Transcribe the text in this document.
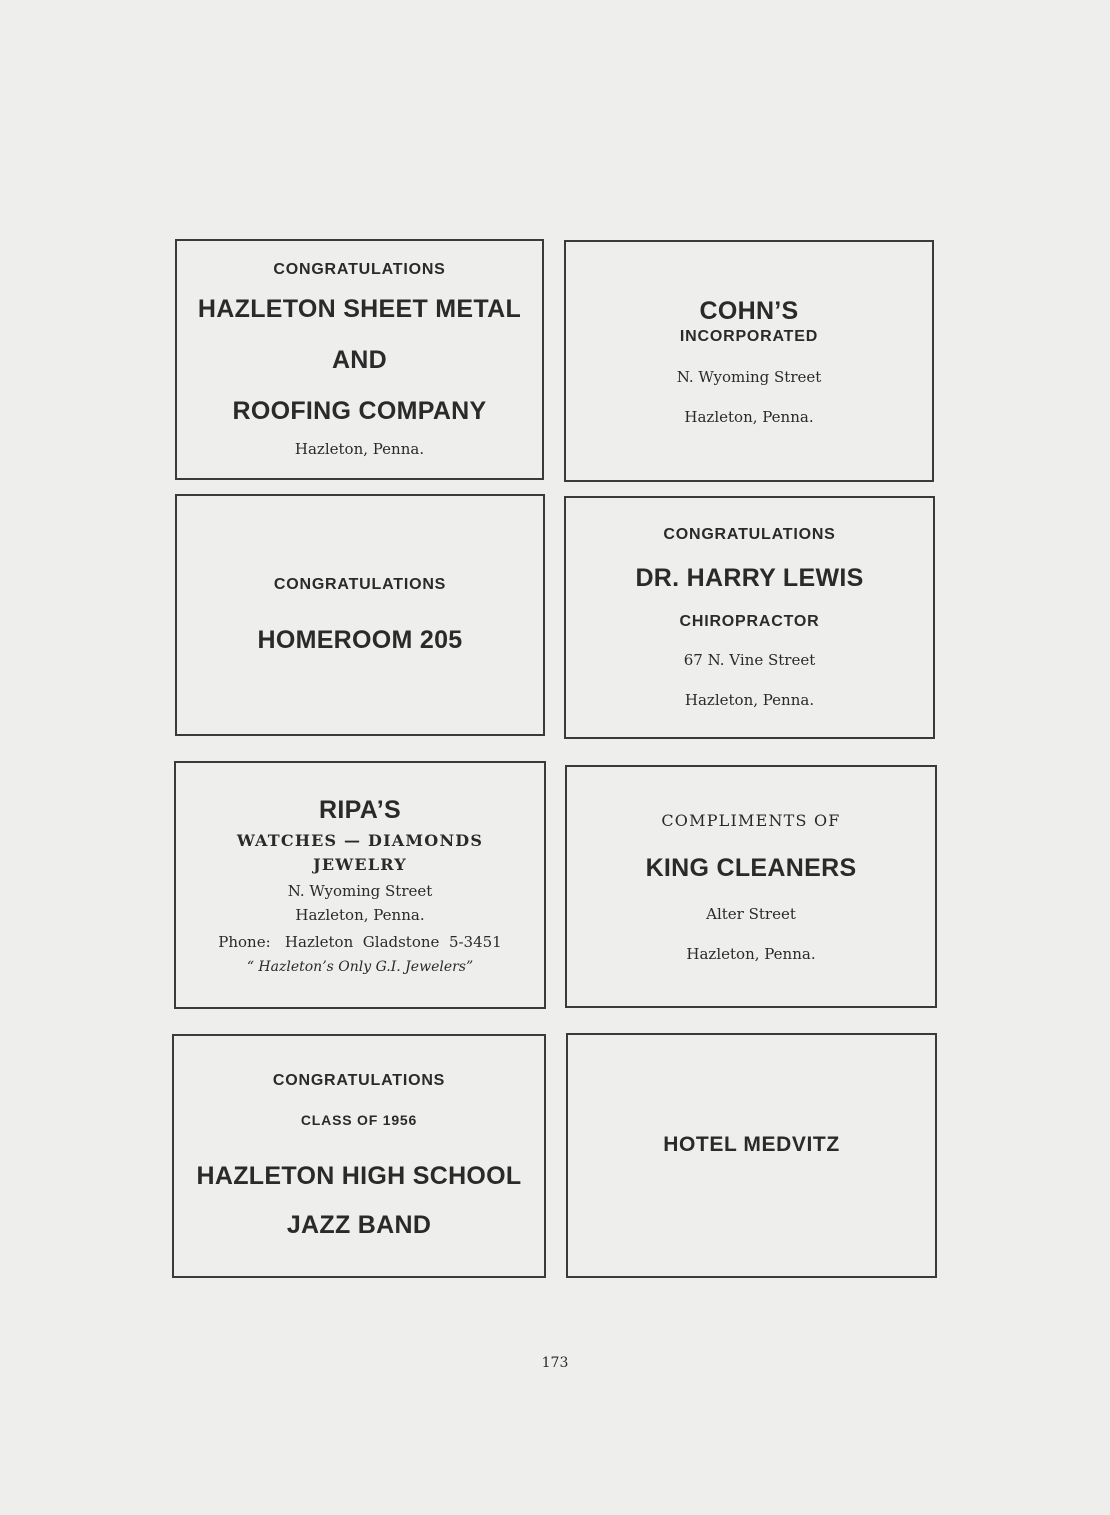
CONGRATULATIONS
HAZLETON SHEET METAL
AND
ROOFING COMPANY
Hazleton, Penna.
COHN’S
INCORPORATED
N. Wyoming Street
Hazleton, Penna.
CONGRATULATIONS
HOMEROOM 205
CONGRATULATIONS
DR. HARRY LEWIS
CHIROPRACTOR
67 N. Vine Street
Hazleton, Penna.
RIPA’S
WATCHES — DIAMONDS
JEWELRY
N. Wyoming Street
Hazleton, Penna.
Phone:   Hazleton  Gladstone  5-3451
“ Hazleton’s Only G.I. Jewelers”
COMPLIMENTS OF
KING CLEANERS
Alter Street
Hazleton, Penna.
CONGRATULATIONS
CLASS OF 1956
HAZLETON HIGH SCHOOL
JAZZ BAND
HOTEL MEDVITZ
173
